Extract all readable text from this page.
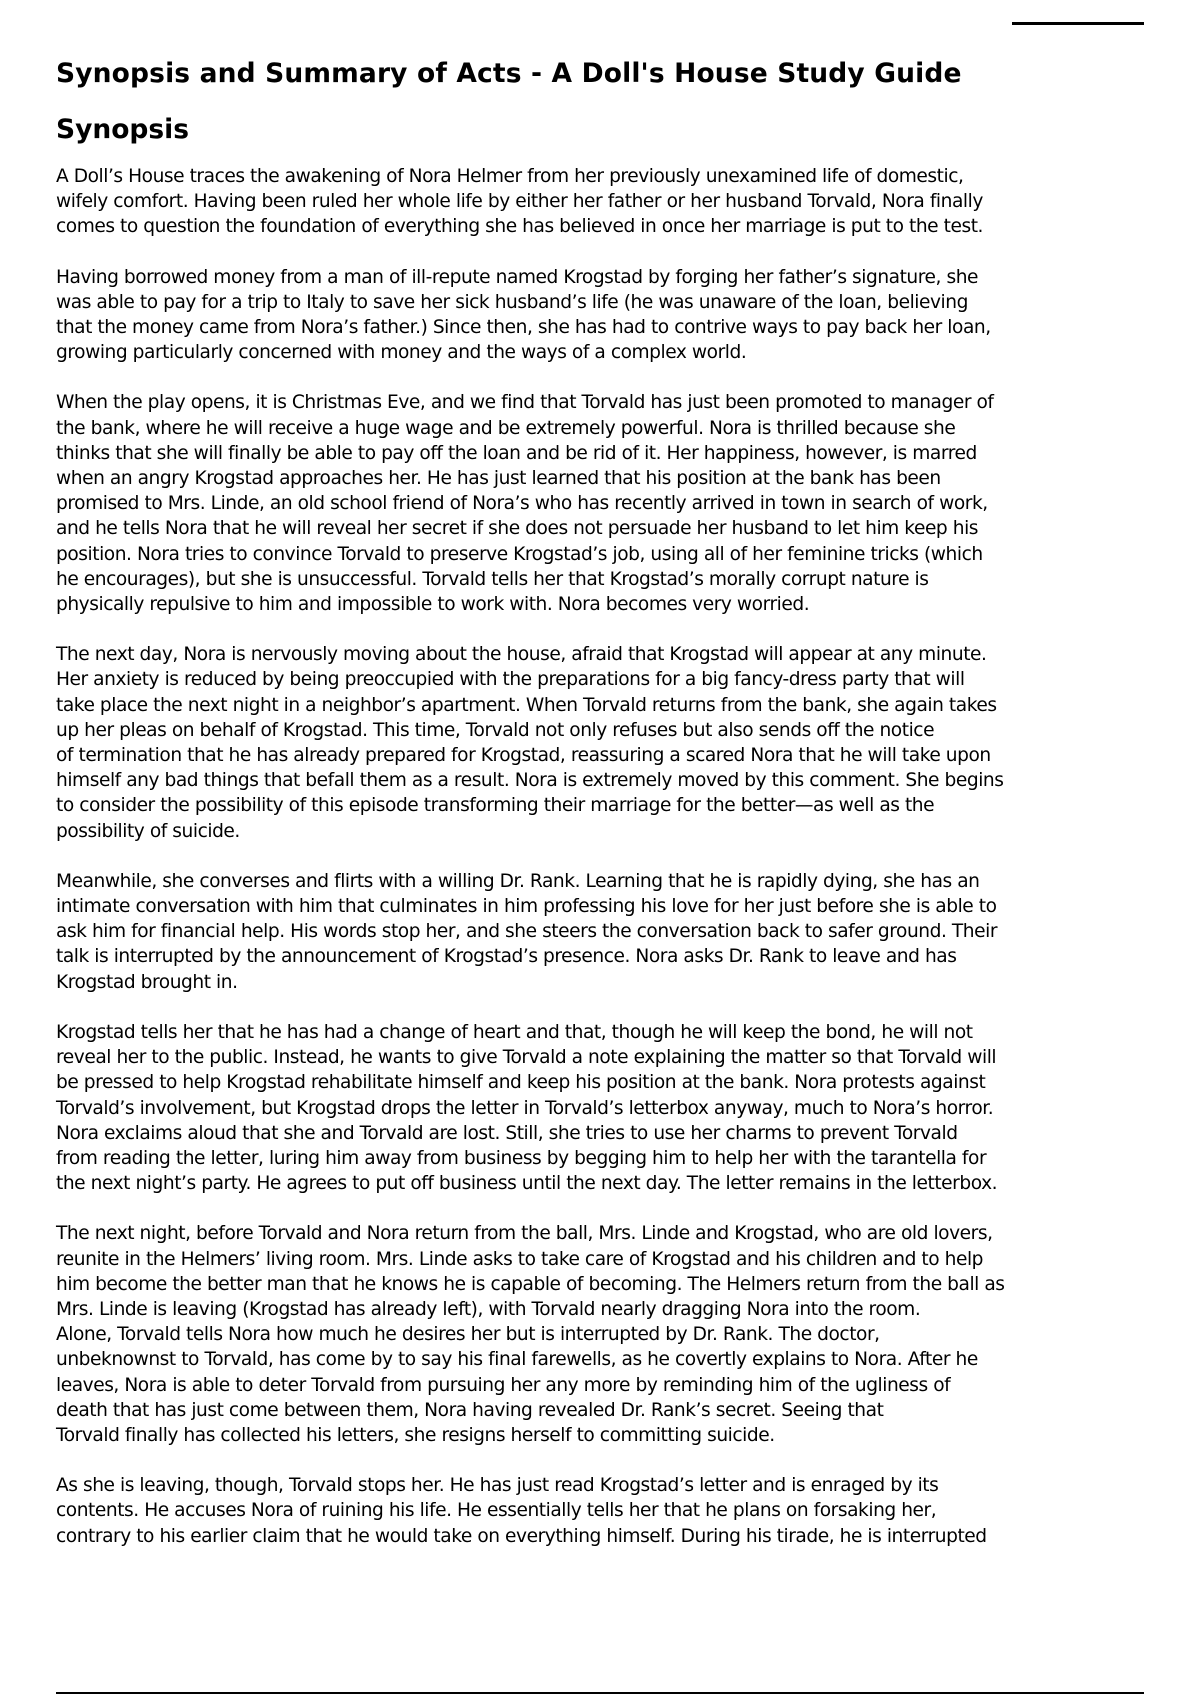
Synopsis and Summary of Acts - A Doll's House Study Guide
Synopsis

A Doll’s House traces the awakening of Nora Helmer from her previously unexamined life of domestic,
wifely comfort. Having been ruled her whole life by either her father or her husband Torvald, Nora finally
comes to question the foundation of everything she has believed in once her marriage is put to the test.

Having borrowed money from a man of ill-repute named Krogstad by forging her father’s signature, she
was able to pay for a trip to Italy to save her sick husband’s life (he was unaware of the loan, believing
that the money came from Nora’s father.) Since then, she has had to contrive ways to pay back her loan,
growing particularly concerned with money and the ways of a complex world.

When the play opens, it is Christmas Eve, and we find that Torvald has just been promoted to manager of
the bank, where he will receive a huge wage and be extremely powerful. Nora is thrilled because she
thinks that she will finally be able to pay off the loan and be rid of it. Her happiness, however, is marred
when an angry Krogstad approaches her. He has just learned that his position at the bank has been
promised to Mrs. Linde, an old school friend of Nora’s who has recently arrived in town in search of work,
and he tells Nora that he will reveal her secret if she does not persuade her husband to let him keep his
position. Nora tries to convince Torvald to preserve Krogstad’s job, using all of her feminine tricks (which
he encourages), but she is unsuccessful. Torvald tells her that Krogstad’s morally corrupt nature is
physically repulsive to him and impossible to work with. Nora becomes very worried.

The next day, Nora is nervously moving about the house, afraid that Krogstad will appear at any minute.
Her anxiety is reduced by being preoccupied with the preparations for a big fancy-dress party that will
take place the next night in a neighbor’s apartment. When Torvald returns from the bank, she again takes
up her pleas on behalf of Krogstad. This time, Torvald not only refuses but also sends off the notice
of termination that he has already prepared for Krogstad, reassuring a scared Nora that he will take upon
himself any bad things that befall them as a result. Nora is extremely moved by this comment. She begins
to consider the possibility of this episode transforming their marriage for the better—as well as the
possibility of suicide.

Meanwhile, she converses and flirts with a willing Dr. Rank. Learning that he is rapidly dying, she has an
intimate conversation with him that culminates in him professing his love for her just before she is able to
ask him for financial help. His words stop her, and she steers the conversation back to safer ground. Their
talk is interrupted by the announcement of Krogstad’s presence. Nora asks Dr. Rank to leave and has
Krogstad brought in.

Krogstad tells her that he has had a change of heart and that, though he will keep the bond, he will not
reveal her to the public. Instead, he wants to give Torvald a note explaining the matter so that Torvald will
be pressed to help Krogstad rehabilitate himself and keep his position at the bank. Nora protests against
Torvald’s involvement, but Krogstad drops the letter in Torvald’s letterbox anyway, much to Nora’s horror.
Nora exclaims aloud that she and Torvald are lost. Still, she tries to use her charms to prevent Torvald
from reading the letter, luring him away from business by begging him to help her with the tarantella for
the next night’s party. He agrees to put off business until the next day. The letter remains in the letterbox.

The next night, before Torvald and Nora return from the ball, Mrs. Linde and Krogstad, who are old lovers,
reunite in the Helmers’ living room. Mrs. Linde asks to take care of Krogstad and his children and to help
him become the better man that he knows he is capable of becoming. The Helmers return from the ball as
Mrs. Linde is leaving (Krogstad has already left), with Torvald nearly dragging Nora into the room.
Alone, Torvald tells Nora how much he desires her but is interrupted by Dr. Rank. The doctor,
unbeknownst to Torvald, has come by to say his final farewells, as he covertly explains to Nora. After he
leaves, Nora is able to deter Torvald from pursuing her any more by reminding him of the ugliness of
death that has just come between them, Nora having revealed Dr. Rank’s secret. Seeing that
Torvald finally has collected his letters, she resigns herself to committing suicide.

As she is leaving, though, Torvald stops her. He has just read Krogstad’s letter and is enraged by its
contents. He accuses Nora of ruining his life. He essentially tells her that he plans on forsaking her,
contrary to his earlier claim that he would take on everything himself. During his tirade, he is interrupted
